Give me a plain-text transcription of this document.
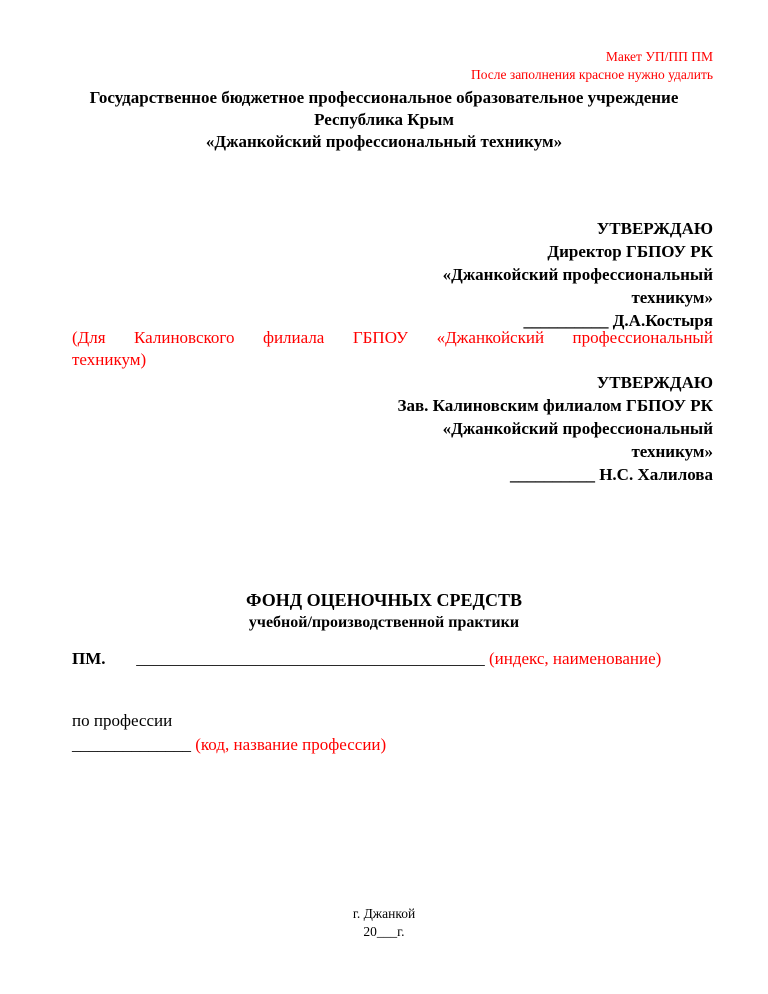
Макет УП/ПП ПМ
После заполнения красное нужно удалить
Государственное бюджетное профессиональное образовательное учреждение
Республика Крым
«Джанкойский профессиональный техникум»
УТВЕРЖДАЮ
Директор ГБПОУ РК
«Джанкойский профессиональный
техникум»
__________ Д.А.Костыря
(Для Калиновского филиала ГБПОУ «Джанкойский профессиональный
техникум)
УТВЕРЖДАЮ
Зав. Калиновским филиалом ГБПОУ РК
«Джанкойский профессиональный
техникум»
__________ Н.С. Халилова
ФОНД ОЦЕНОЧНЫХ СРЕДСТВ
учебной/производственной практики
ПМ. _________________________________________ (индекс, наименование)
по профессии
______________ (код, название профессии)
г. Джанкой
20___г.
